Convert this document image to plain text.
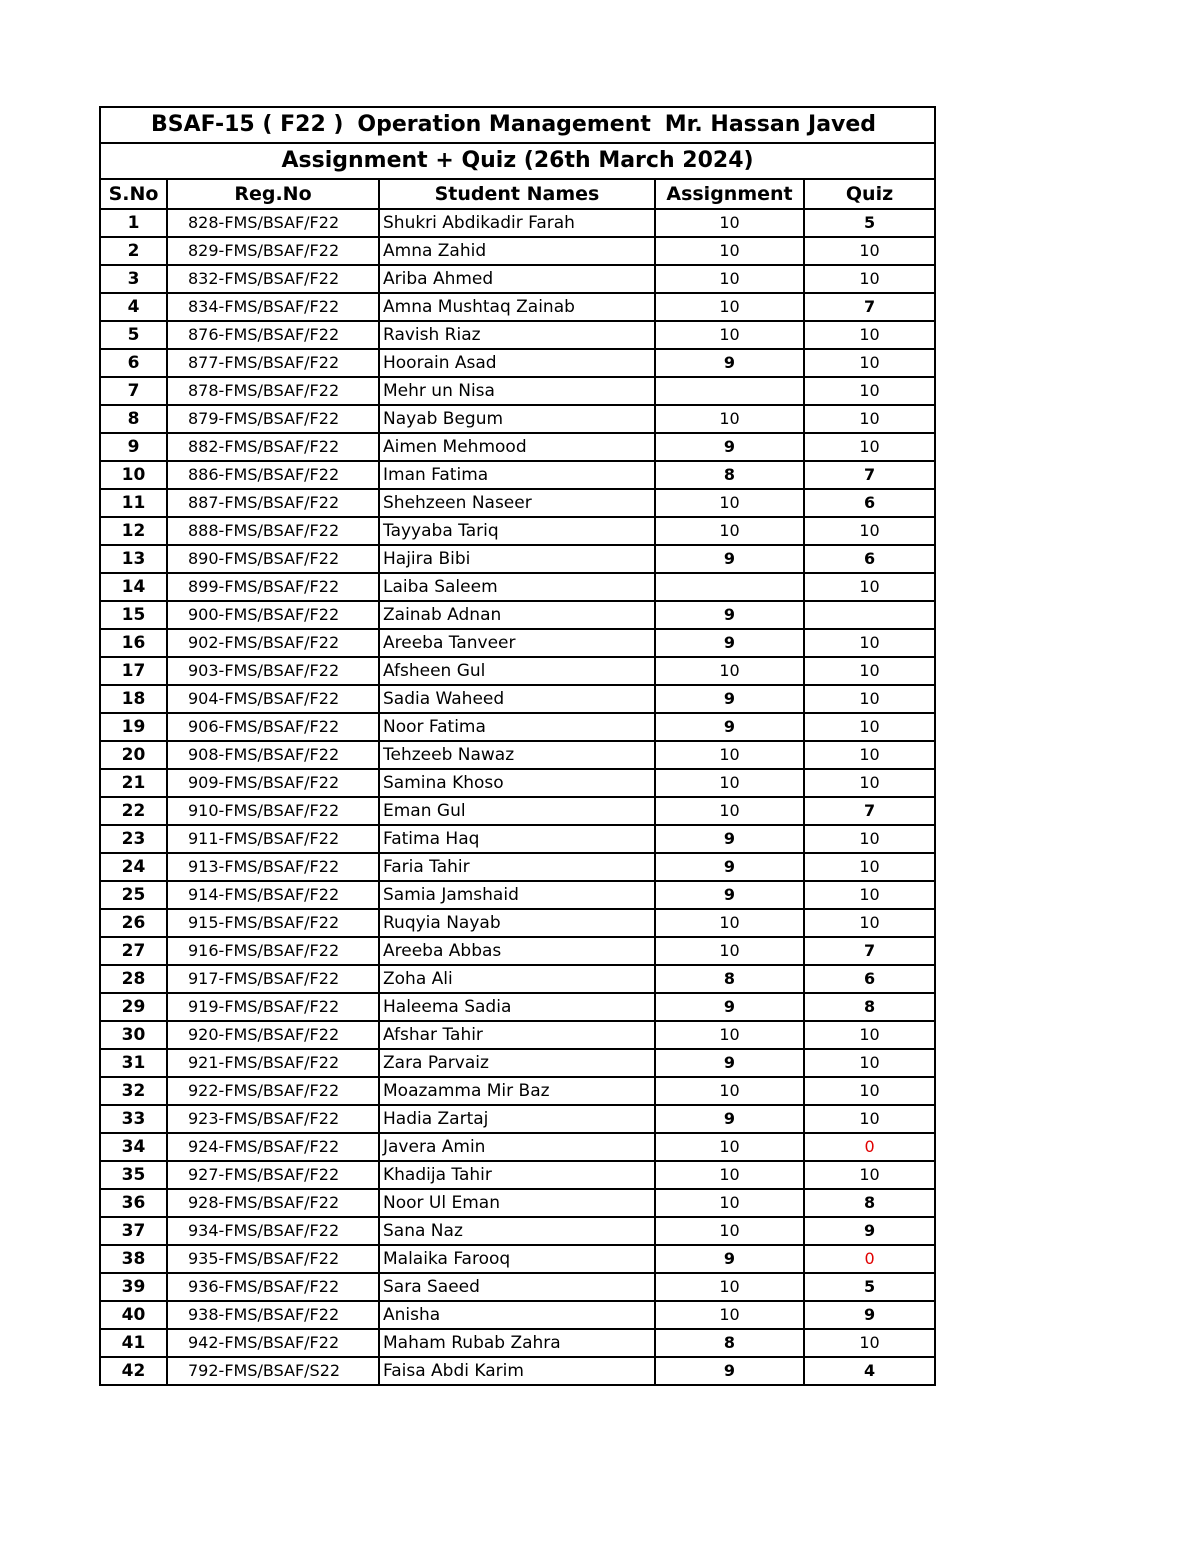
BSAF-15 ( F22 ) Operation Management Mr. Hassan Javed				

Assignment + Quiz (26th March 2024)				
S.No	Reg.No	Student Names	Assignment	Quiz
1	828-FMS/BSAF/F22	Shukri Abdikadir Farah	10	5
2	829-FMS/BSAF/F22	Amna Zahid	10	10
3	832-FMS/BSAF/F22	Ariba Ahmed	10	10
4	834-FMS/BSAF/F22	Amna Mushtaq Zainab	10	7
5	876-FMS/BSAF/F22	Ravish Riaz	10	10
6	877-FMS/BSAF/F22	Hoorain Asad	9	10
7	878-FMS/BSAF/F22	Mehr un Nisa		10
8	879-FMS/BSAF/F22	Nayab Begum	10	10
9	882-FMS/BSAF/F22	Aimen Mehmood	9	10
10	886-FMS/BSAF/F22	Iman Fatima	8	7
11	887-FMS/BSAF/F22	Shehzeen Naseer	10	6
12	888-FMS/BSAF/F22	Tayyaba Tariq	10	10
13	890-FMS/BSAF/F22	Hajira Bibi	9	6
14	899-FMS/BSAF/F22	Laiba Saleem		10
15	900-FMS/BSAF/F22	Zainab Adnan	9	
16	902-FMS/BSAF/F22	Areeba Tanveer	9	10
17	903-FMS/BSAF/F22	Afsheen Gul	10	10
18	904-FMS/BSAF/F22	Sadia Waheed	9	10
19	906-FMS/BSAF/F22	Noor Fatima	9	10
20	908-FMS/BSAF/F22	Tehzeeb Nawaz	10	10
21	909-FMS/BSAF/F22	Samina Khoso	10	10
22	910-FMS/BSAF/F22	Eman Gul	10	7
23	911-FMS/BSAF/F22	Fatima Haq	9	10
24	913-FMS/BSAF/F22	Faria Tahir	9	10
25	914-FMS/BSAF/F22	Samia Jamshaid	9	10
26	915-FMS/BSAF/F22	Ruqyia Nayab	10	10
27	916-FMS/BSAF/F22	Areeba Abbas	10	7
28	917-FMS/BSAF/F22	Zoha Ali	8	6
29	919-FMS/BSAF/F22	Haleema Sadia	9	8
30	920-FMS/BSAF/F22	Afshar Tahir	10	10
31	921-FMS/BSAF/F22	Zara Parvaiz	9	10
32	922-FMS/BSAF/F22	Moazamma Mir Baz	10	10
33	923-FMS/BSAF/F22	Hadia Zartaj	9	10
34	924-FMS/BSAF/F22	Javera Amin	10	0
35	927-FMS/BSAF/F22	Khadija Tahir	10	10
36	928-FMS/BSAF/F22	Noor Ul Eman	10	8
37	934-FMS/BSAF/F22	Sana Naz	10	9
38	935-FMS/BSAF/F22	Malaika Farooq	9	0
39	936-FMS/BSAF/F22	Sara Saeed	10	5
40	938-FMS/BSAF/F22	Anisha	10	9
41	942-FMS/BSAF/F22	Maham Rubab Zahra	8	10
42	792-FMS/BSAF/S22	Faisa Abdi Karim	9	4
